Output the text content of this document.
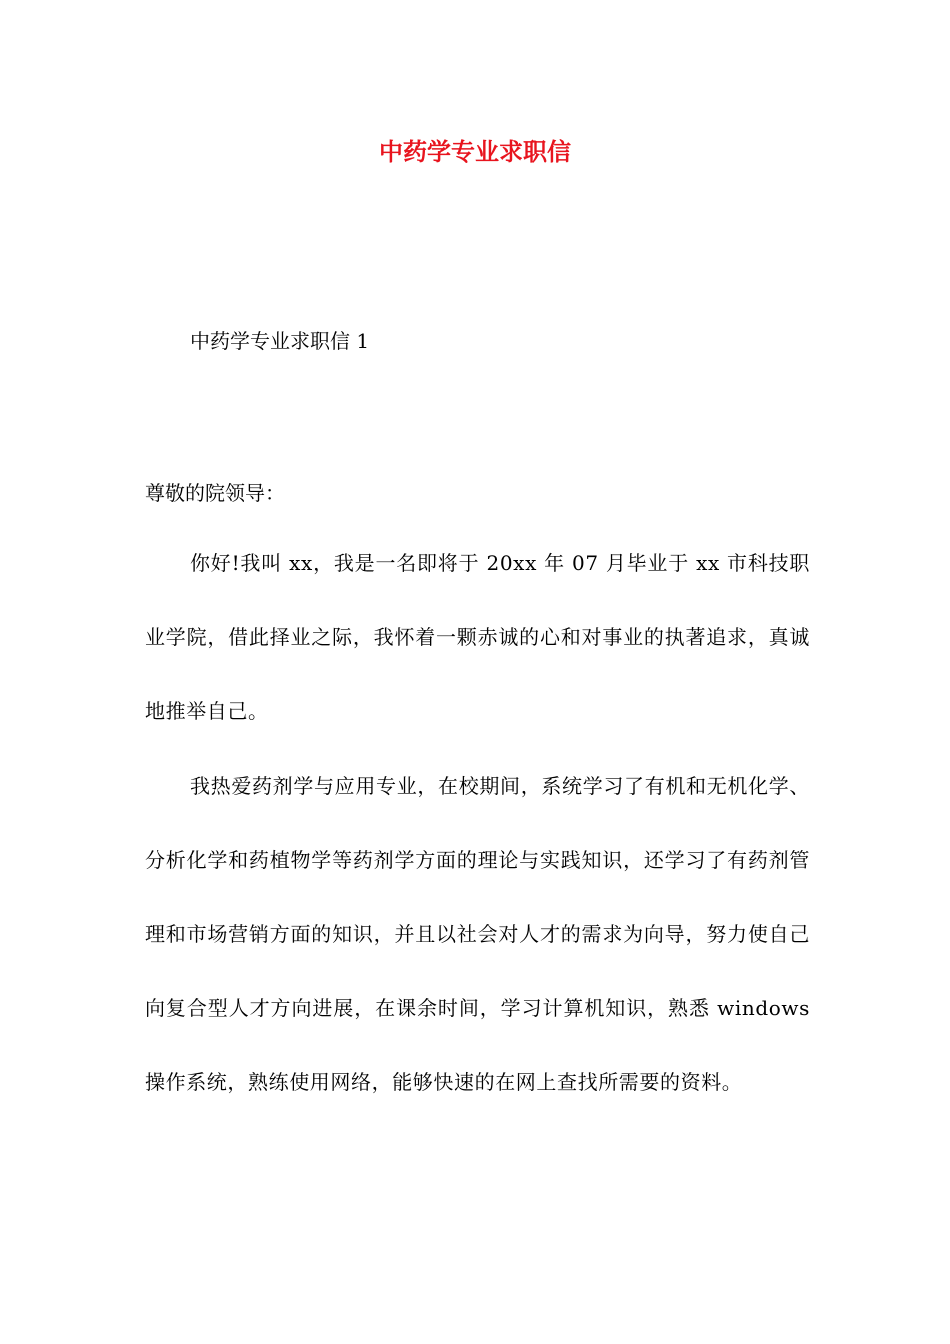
中药学专业求职信

中药学专业求职信 1

尊敬的院领导：

你好!我叫 xx，我是一名即将于 20xx 年 07 月毕业于 xx 市科技职业学院，借此择业之际，我怀着一颗赤诚的心和对事业的执著追求，真诚地推举自己。

我热爱药剂学与应用专业，在校期间，系统学习了有机和无机化学、分析化学和药植物学等药剂学方面的理论与实践知识，还学习了有药剂管理和市场营销方面的知识，并且以社会对人才的需求为向导，努力使自己向复合型人才方向进展，在课余时间，学习计算机知识，熟悉 windows 操作系统，熟练使用网络，能够快速的在网上查找所需要的资料。
